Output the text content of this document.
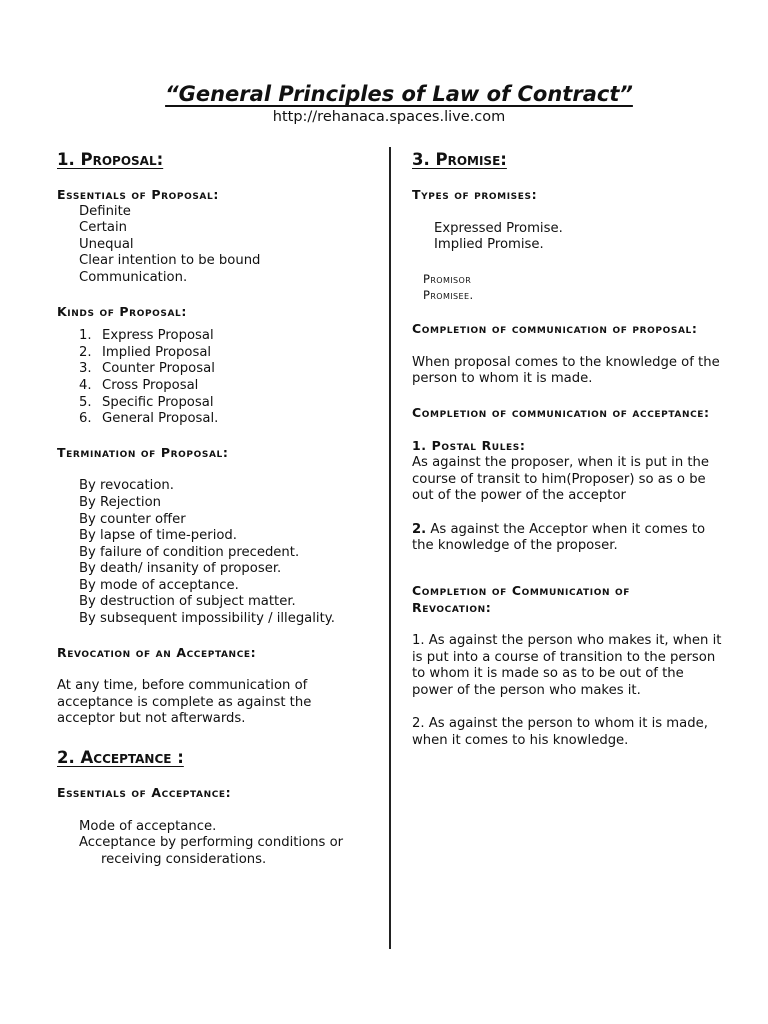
“General Principles of Law of Contract”
http://rehanaca.spaces.live.com

1. Proposal:

Essentials of Proposal:

Definite
Certain
Unequal
Clear intention to be bound
Communication.

Kinds of Proposal:

1. Express Proposal
2. Implied Proposal
3. Counter Proposal
4. Cross Proposal
5. Specific Proposal
6. General Proposal.

Termination of Proposal:

By revocation.
By Rejection
By counter offer
By lapse of time-period.
By failure of condition precedent.
By death/ insanity of proposer.
By mode of acceptance.
By destruction of subject matter.
By subsequent impossibility / illegality.

Revocation of an Acceptance:

At any time, before communication of acceptance is complete as against the acceptor but not afterwards.

2. Acceptance :

Essentials of Acceptance:

Mode of acceptance.
Acceptance by performing conditions or
receiving considerations.

3. Promise:

Types of promises:

Expressed Promise.
Implied Promise.

Promisor

Promisee.

Completion of communication of proposal:

When proposal comes to the knowledge of the person to whom it is made.

Completion of communication of acceptance:

1. Postal Rules:

As against the proposer, when it is put in the course of transit to him(Proposer) so as o be out of the power of the acceptor

2. As against the Acceptor when it comes to the knowledge of the proposer.

Completion of Communication of Revocation:

1. As against the person who makes it, when it is put into a course of transition to the person to whom it is made so as to be out of the power of the person who makes it.

2. As against the person to whom it is made, when it comes to his knowledge.
